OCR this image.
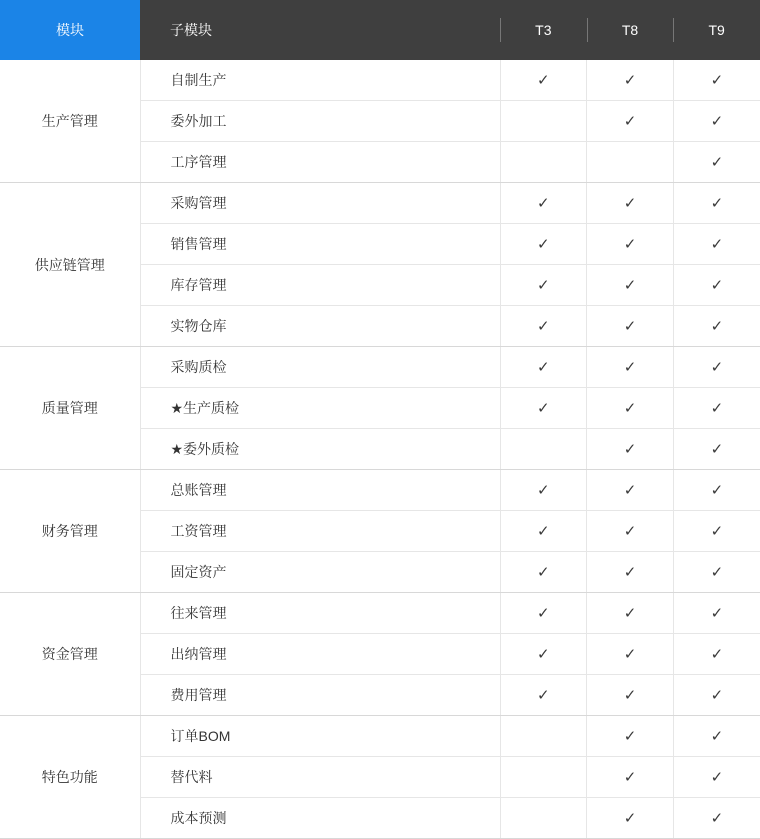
模块	子模块	T3	T8	T9
生产管理	自制生产	✓	✓	✓
	委外加工		✓	✓
	工序管理			✓
供应链管理	采购管理	✓	✓	✓
	销售管理	✓	✓	✓
	库存管理	✓	✓	✓
	实物仓库	✓	✓	✓
质量管理	采购质检	✓	✓	✓
	★生产质检	✓	✓	✓
	★委外质检		✓	✓
财务管理	总账管理	✓	✓	✓
	工资管理	✓	✓	✓
	固定资产	✓	✓	✓
资金管理	往来管理	✓	✓	✓
	出纳管理	✓	✓	✓
	费用管理	✓	✓	✓
特色功能	订单BOM		✓	✓
	替代料		✓	✓
	成本预测		✓	✓
